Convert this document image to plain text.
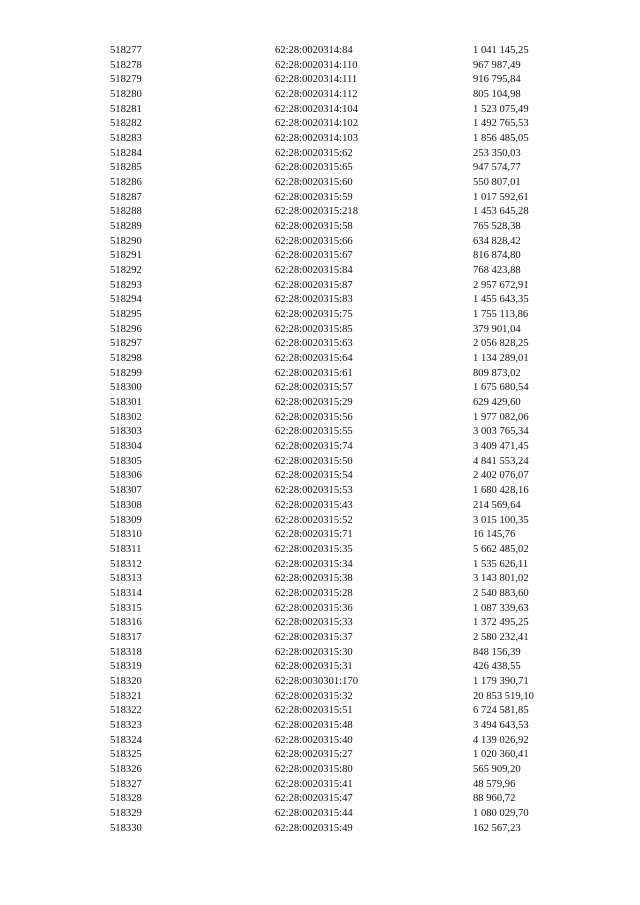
518277	62:28:0020314:84	1 041 145,25
518278	62:28:0020314:110	967 987,49
518279	62:28:0020314:111	916 795,84
518280	62:28:0020314:112	805 104,98
518281	62:28:0020314:104	1 523 075,49
518282	62:28:0020314:102	1 492 765,53
518283	62:28:0020314:103	1 856 485,05
518284	62:28:0020315:62	253 350,03
518285	62:28:0020315:65	947 574,77
518286	62:28:0020315:60	550 807,01
518287	62:28:0020315:59	1 017 592,61
518288	62:28:0020315:218	1 453 645,28
518289	62:28:0020315:58	765 528,38
518290	62:28:0020315:66	634 828,42
518291	62:28:0020315:67	816 874,80
518292	62:28:0020315:84	768 423,88
518293	62:28:0020315:87	2 957 672,91
518294	62:28:0020315:83	1 455 643,35
518295	62:28:0020315:75	1 755 113,86
518296	62:28:0020315:85	379 901,04
518297	62:28:0020315:63	2 056 828,25
518298	62:28:0020315:64	1 134 289,01
518299	62:28:0020315:61	809 873,02
518300	62:28:0020315:57	1 675 680,54
518301	62:28:0020315:29	629 429,60
518302	62:28:0020315:56	1 977 082,06
518303	62:28:0020315:55	3 003 765,34
518304	62:28:0020315:74	3 409 471,45
518305	62:28:0020315:50	4 841 553,24
518306	62:28:0020315:54	2 402 076,07
518307	62:28:0020315:53	1 680 428,16
518308	62:28:0020315:43	214 569,64
518309	62:28:0020315:52	3 015 100,35
518310	62:28:0020315:71	16 145,76
518311	62:28:0020315:35	5 662 485,02
518312	62:28:0020315:34	1 535 626,11
518313	62:28:0020315:38	3 143 801,02
518314	62:28:0020315:28	2 540 883,60
518315	62:28:0020315:36	1 087 339,63
518316	62:28:0020315:33	1 372 495,25
518317	62:28:0020315:37	2 580 232,41
518318	62:28:0020315:30	848 156,39
518319	62:28:0020315:31	426 438,55
518320	62:28:0030301:170	1 179 390,71
518321	62:28:0020315:32	20 853 519,10
518322	62:28:0020315:51	6 724 581,85
518323	62:28:0020315:48	3 494 643,53
518324	62:28:0020315:40	4 139 026,92
518325	62:28:0020315:27	1 020 360,41
518326	62:28:0020315:80	565 909,20
518327	62:28:0020315:41	48 579,96
518328	62:28:0020315:47	88 960,72
518329	62:28:0020315:44	1 080 029,70
518330	62:28:0020315:49	162 567,23
